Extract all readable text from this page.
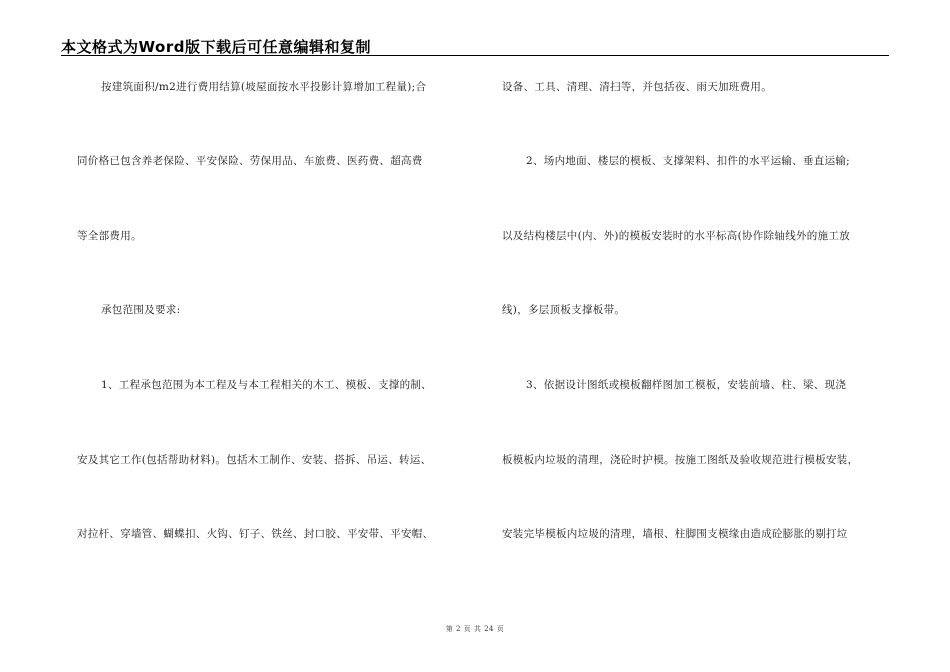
本文格式为Word版下载后可任意编辑和复制
按建筑面积/m2进行费用结算(坡屋面按水平投影计算增加工程量);合
同价格已包含养老保险、平安保险、劳保用品、车旅费、医药费、超高费
等全部费用。
承包范围及要求:
1、工程承包范围为本工程及与本工程相关的木工、模板、支撑的制、
安及其它工作(包括帮助材料)。包括木工制作、安装、搭拆、吊运、转运、
对拉杆、穿墙管、蝴蝶扣、火钩、钉子、铁丝、封口胶、平安带、平安帽、
设备、工具、清理、清扫等，并包括夜、雨天加班费用。
2、场内地面、楼层的模板、支撑架料、扣件的水平运输、垂直运输;
以及结构楼层中(内、外)的模板安装时的水平标高(协作除轴线外的施工放
线)，多层顶板支撑板带。
3、依据设计图纸或模板翻样图加工模板，安装前墙、柱、梁、现浇
板模板内垃圾的清理，浇砼时护模。按施工图纸及验收规范进行模板安装，
安装完毕模板内垃圾的清理，墙根、柱脚围支模缘由造成砼膨胀的剔打垃
第 2 页 共 24 页
